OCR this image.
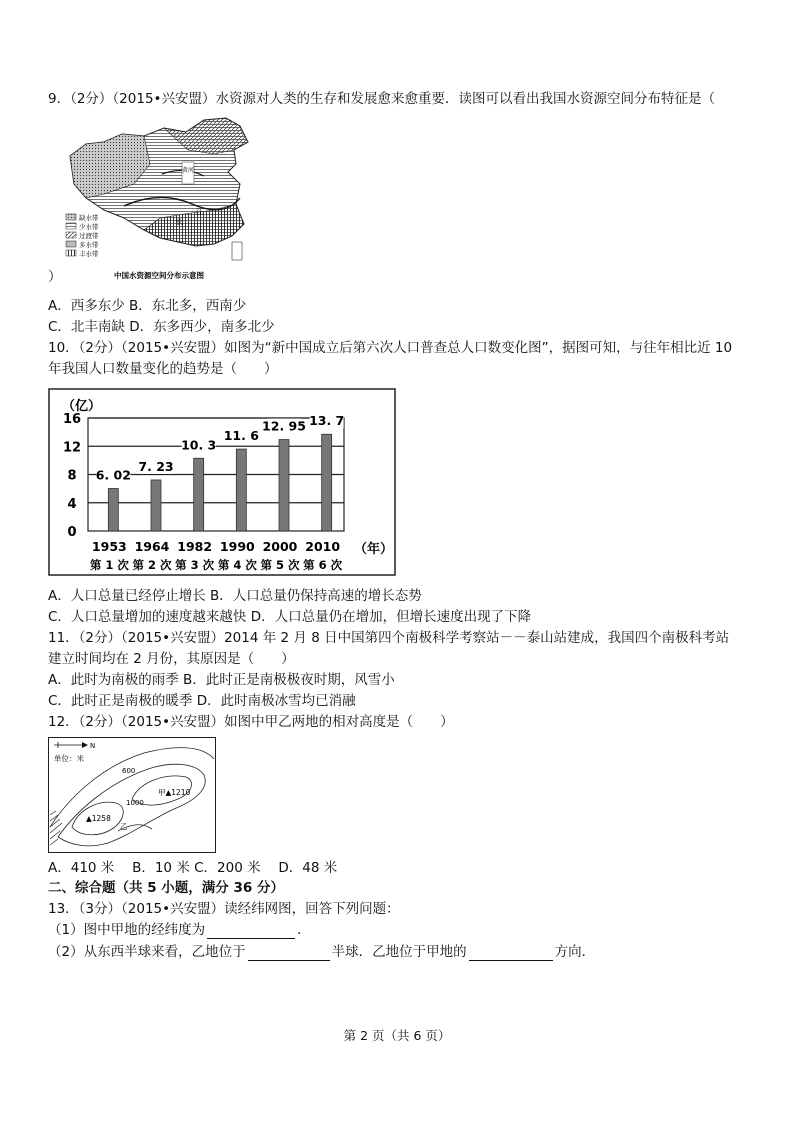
9．（2分）（2015•兴安盟）水资源对人类的生存和发展愈来愈重要．读图可以看出我国水资源空间分布特征是（
黄河
长
江
缺水带
少水带
过渡带
多水带
丰水带
中国水资源空间分布示意图
）
A．西多东少 B．东北多，西南少
C．北丰南缺 D．东多西少，南多北少
10．（2分）（2015•兴安盟）如图为“新中国成立后第六次人口普查总人口数变化图”，据图可知，与往年相比近 10
年我国人口数量变化的趋势是（　　）
（亿）
16
12
8
4
0
6. 02
7. 23
10. 3
11. 6
12. 95 13. 7
1953 1964 1982 1990 2000 2010
第 1 次 第 2 次 第 3 次 第 4 次 第 5 次 第 6 次
（年）
A．人口总量已经停止增长 B．人口总量仍保持高速的增长态势
C．人口总量增加的速度越来越快 D．人口总量仍在增加，但增长速度出现了下降
11．（2分）（2015•兴安盟）2014 年 2 月 8 日中国第四个南极科学考察站－－泰山站建成，我国四个南极科考站
建立时间均在 2 月份，其原因是（　　）
A．此时为南极的雨季 B．此时正是南极极夜时期，风雪小
C．此时正是南极的暖季 D．此时南极冰雪均已消融
12．（2分）（2015•兴安盟）如图中甲乙两地的相对高度是（　　）
N
单位：米
600
1000
甲▲1210
▲1258
乙
A．410 米　 B．10 米 C．200 米　 D．48 米
二、综合题（共 5 小题，满分 36 分）
13．（3分）（2015•兴安盟）读经纬网图，回答下列问题：
（1）图中甲地的经纬度为	．
（2）从东西半球来看，乙地位于	半球．乙地位于甲地的	方向．
第 2 页（共 6 页）
